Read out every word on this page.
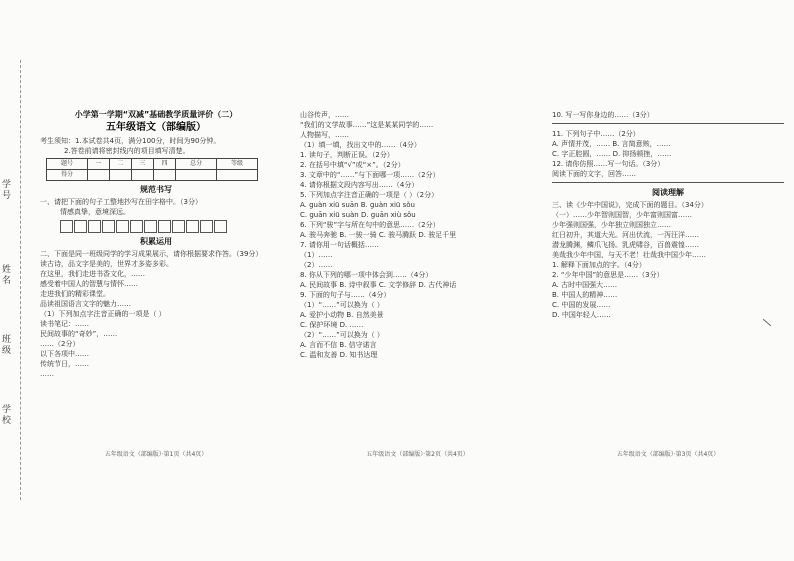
学号
姓名
班级
学校
小学第一学期“双减”基础教学质量评价（二）
五年级语文（部编版）
考生须知：1.本试卷共4页，满分100分，时间为90分钟。
2.答卷前请将密封线内的项目填写清楚。
题号	一	二	三	四	总分	等级
得分						
规范书写
一、请把下面的句子工整地抄写在田字格中。（3分）
情感真挚，意境深远。
积累运用
二、下面是同一班级同学的学习成果展示，请你根据要求作答。（39分）
读古诗，品文字是美的，世界才多姿多彩。
在这里，我们走进书香文化，……
感受着中国人的智慧与情怀……
走进我们的精彩课堂。
品读祖国语言文字的魅力……
（1）下列加点字注音正确的一项是（ ）
读书笔记：……
民间故事的“奇妙”，……
……（2分）
以下各项中……
传统节日，……
……
五年级语文（部编版）·第1页（共4页）
山谷传声，……
“我们的文学故事……”这是某某同学的……
人物描写，……
（1）填一填，找出文中的……（4分）
1. 读句子，判断正误。（2分）
2. 在括号中填“√”或“×”。（2分）
3. 文章中的“……”与下面哪一项……（2分）
4. 请你根据文段内容写出……（4分）
5. 下列加点字注音正确的一项是（ ）（2分）
A. guàn xiū suān B. guàn xiū sǒu
C. guān xiū suàn D. guān xiù sǒu
6. 下列“骏”字与所在句中的意思……（2分）
A. 骏马奔驰 B. 一骏一骑 C. 骏马腾跃 D. 骏足千里
7. 请你用一句话概括……
（1）……
（2）……
8. 你从下列的哪一项中体会到……（4分）
A. 民间故事 B. 诗中叙事 C. 文学修辞 D. 古代神话
9. 下面的句子与……（4分）
（1）“……”可以换为（ ）
A. 爱护小动物 B. 自然美景
C. 保护环境 D. ……
（2）“……”可以换为（ ）
A. 言而不信 B. 信守诺言
C. 温和友善 D. 知书达理
五年级语文（部编版）·第2页（共4页）
10. 写一写你身边的……（3分）
11. 下列句子中……（2分）
A. 声情并茂，…… B. 言简意赅，……
C. 字正腔圆，…… D. 抑扬顿挫，……
12. 请你仿照……写一句话。（3分）
阅读下面的文字，回答……
阅读理解
三、读《少年中国说》，完成下面的题目。（34分）
（一）……少年智则国智，少年富则国富……
少年强则国强，少年独立则国独立……
红日初升，其道大光。河出伏流，一泻汪洋……
潜龙腾渊，鳞爪飞扬。乳虎啸谷，百兽震惶……
美哉我少年中国，与天不老！壮哉我中国少年……
1. 解释下面加点的字。（4分）
2. “少年中国”的意思是……（3分）
A. 古时中国强大……
B. 中国人的精神……
C. 中国的发展……
D. 中国年轻人……
五年级语文（部编版）·第3页（共4页）
